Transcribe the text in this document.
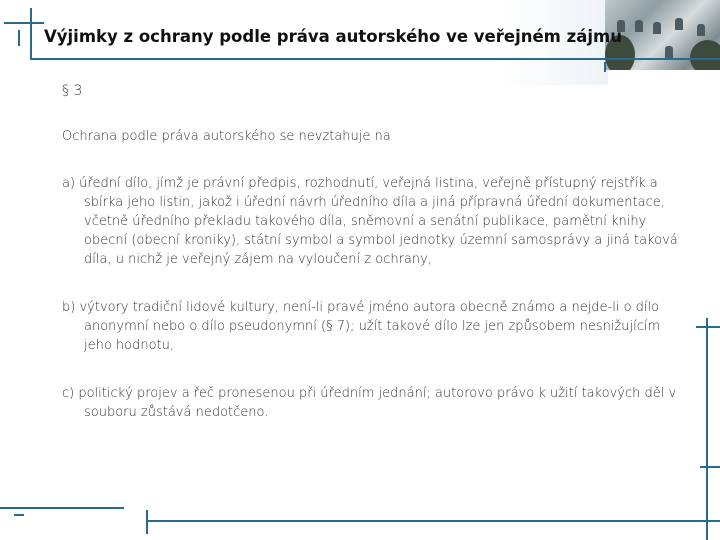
Výjimky z ochrany podle práva autorského ve veřejném zájmu

§ 3

Ochrana podle práva autorského se nevztahuje na

a) úřední dílo, jímž je právní předpis, rozhodnutí, veřejná listina, veřejně přístupný rejstřík a sbírka jeho listin, jakož i úřední návrh úředního díla a jiná přípravná úřední dokumentace, včetně úředního překladu takového díla, sněmovní a senátní publikace, pamětní knihy obecní (obecní kroniky), státní symbol a symbol jednotky územní samosprávy a jiná taková díla, u nichž je veřejný zájem na vyloučení z ochrany,

b) výtvory tradiční lidové kultury, není-li pravé jméno autora obecně známo a nejde-li o dílo anonymní nebo o dílo pseudonymní (§ 7); užít takové dílo lze jen způsobem nesnižujícím jeho hodnotu,

c) politický projev a řeč pronesenou při úředním jednání; autorovo právo k užití takových děl v souboru zůstává nedotčeno.
